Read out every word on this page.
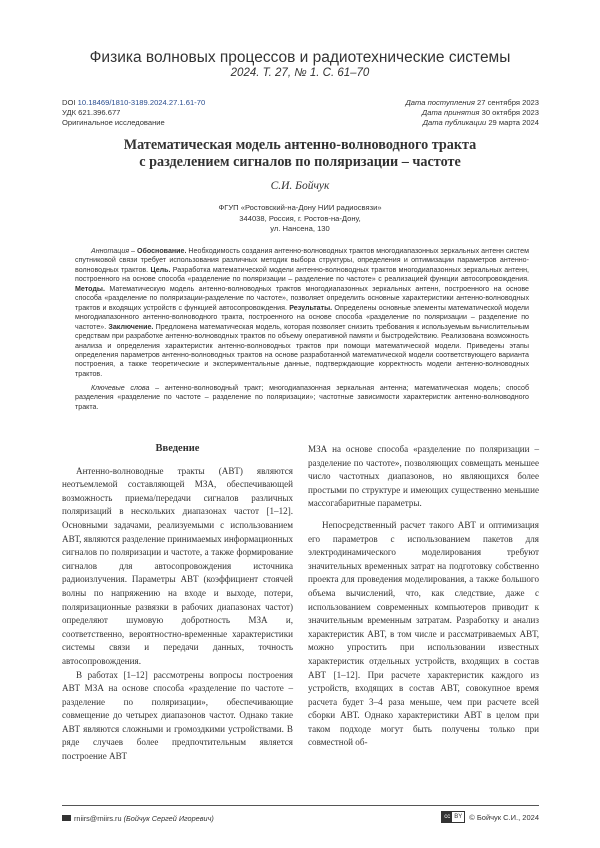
Физика волновых процессов и радиотехнические системы
2024. Т. 27, № 1. С. 61–70
DOI 10.18469/1810-3189.2024.27.1.61-70
УДК 621.396.677
Оригинальное исследование
Дата поступления 27 сентября 2023
Дата принятия 30 октября 2023
Дата публикации 29 марта 2024
Математическая модель антенно-волноводного тракта
с разделением сигналов по поляризации – частоте
С.И. Бойчук
ФГУП «Ростовский-на-Дону НИИ радиосвязи»
344038, Россия, г. Ростов-на-Дону,
ул. Нансена, 130
Аннотация – Обоснование. Необходимость создания антенно-волноводных трактов многодиапазонных зеркальных антенн систем спутниковой связи требует использования различных методик выбора структуры, определения и оптимизации параметров антенно-волноводных трактов. Цель. Разработка математической модели антенно-волноводных трактов многодиапазонных зеркальных антенн, построенного на основе способа «разделение по поляризации – разделение по частоте» с реализацией функции автосопровождения. Методы. Математическую модель антенно-волноводных трактов многодиапазонных зеркальных антенн, построенного на основе способа «разделение по поляризации-разделение по частоте», позволяет определить основные характеристики антенно-волноводных трактов и входящих устройств с функцией автосопровождения. Результаты. Определены основные элементы математической модели многодиапазонного антенно-волноводного тракта, построенного на основе способа «разделение по поляризации – разделение по частоте». Заключение. Предложена математическая модель, которая позволяет снизить требования к используемым вычислительным средствам при разработке антенно-волноводных трактов по объему оперативной памяти и быстродействию. Реализована возможность анализа и определения характеристик антенно-волноводных трактов при помощи математической модели. Приведены этапы определения параметров антенно-волноводных трактов на основе разработанной математической модели соответствующего варианта построения, а также теоретические и экспериментальные данные, подтверждающие корректность модели антенно-волноводных трактов.
Ключевые слова – антенно-волноводный тракт; многодиапазонная зеркальная антенна; математическая модель; способ разделения «разделение по частоте – разделение по поляризации»; частотные зависимости характеристик антенно-волноводного тракта.
Введение

Антенно-волноводные тракты (АВТ) являются неотъемлемой составляющей МЗА, обеспечивающей возможность приема/передачи сигналов различных поляризаций в нескольких диапазонах частот [1–12]. Основными задачами, реализуемыми с использованием АВТ, являются разделение принимаемых информационных сигналов по поляризации и частоте, а также формирование сигналов для автосопровождения источника радиоизлучения. Параметры АВТ (коэффициент стоячей волны по напряжению на входе и выходе, потери, поляризационные развязки в рабочих диапазонах частот) определяют шумовую добротность МЗА и, соответственно, вероятностно-временные характеристики системы связи и передачи данных, точность автосопровождения.

В работах [1–12] рассмотрены вопросы построения АВТ МЗА на основе способа «разделение по частоте – разделение по поляризации», обеспечивающие совмещение до четырех диапазонов частот. Однако такие АВТ являются сложными и громоздкими устройствами. В ряде случаев более предпочтительным является построение АВТ

МЗА на основе способа «разделение по поляризации – разделение по частоте», позволяющих совмещать меньшее число частотных диапазонов, но являющихся более простыми по структуре и имеющих существенно меньшие массогабаритные параметры.

Непосредственный расчет такого АВТ и оптимизация его параметров с использованием пакетов для электродинамического моделирования требуют значительных временных затрат на подготовку собственно проекта для проведения моделирования, а также большого объема вычислений, что, как следствие, даже с использованием современных компьютеров приводит к значительным временным затратам. Разработку и анализ характеристик АВТ, в том числе и рассматриваемых АВТ, можно упростить при использовании известных характеристик отдельных устройств, входящих в состав АВТ [1–12]. При расчете характеристик каждого из устройств, входящих в состав АВТ, совокупное время расчета будет 3–4 раза меньше, чем при расчете всей сборки АВТ. Однако характеристики АВТ в целом при таком подходе могут быть получены только при совместной об-

rniirs@rniirs.ru (Бойчук Сергей Игоревич)	cc BY © Бойчук С.И., 2024
